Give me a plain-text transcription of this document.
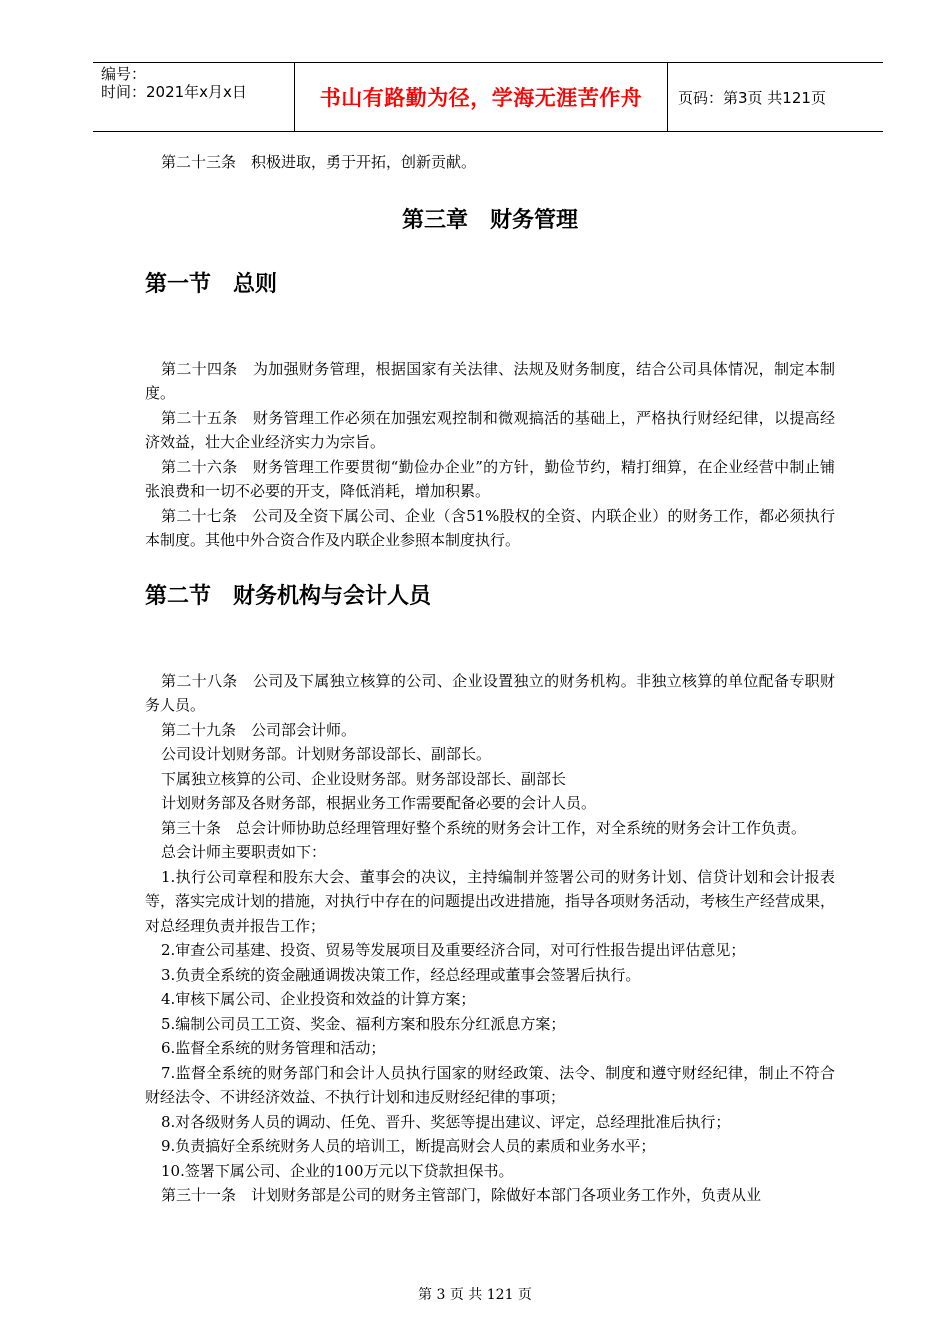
编号：
时间：2021年x月x日	书山有路勤为径，学海无涯苦作舟	页码：第3页 共121页

第二十三条　积极进取，勇于开拓，创新贡献。

第三章　财务管理
第一节　总则

第二十四条　为加强财务管理，根据国家有关法律、法规及财务制度，结合公司具体情况，制定本制度。

第二十五条　财务管理工作必须在加强宏观控制和微观搞活的基础上，严格执行财经纪律，以提高经济效益，壮大企业经济实力为宗旨。

第二十六条　财务管理工作要贯彻“勤俭办企业”的方针，勤俭节约，精打细算，在企业经营中制止铺张浪费和一切不必要的开支，降低消耗，增加积累。

第二十七条　公司及全资下属公司、企业（含51%股权的全资、内联企业）的财务工作，都必须执行本制度。其他中外合资合作及内联企业参照本制度执行。

第二节　财务机构与会计人员

第二十八条　公司及下属独立核算的公司、企业设置独立的财务机构。非独立核算的单位配备专职财务人员。

第二十九条　公司部会计师。

公司设计划财务部。计划财务部设部长、副部长。

下属独立核算的公司、企业设财务部。财务部设部长、副部长

计划财务部及各财务部，根据业务工作需要配备必要的会计人员。

第三十条　总会计师协助总经理管理好整个系统的财务会计工作，对全系统的财务会计工作负责。

总会计师主要职责如下：

1.执行公司章程和股东大会、董事会的决议，主持编制并签署公司的财务计划、信贷计划和会计报表等，落实完成计划的措施，对执行中存在的问题提出改进措施，指导各项财务活动，考核生产经营成果，对总经理负责并报告工作；

2.审查公司基建、投资、贸易等发展项目及重要经济合同，对可行性报告提出评估意见；

3.负责全系统的资金融通调拨决策工作，经总经理或董事会签署后执行。

4.审核下属公司、企业投资和效益的计算方案；

5.编制公司员工工资、奖金、福利方案和股东分红派息方案；

6.监督全系统的财务管理和活动；

7.监督全系统的财务部门和会计人员执行国家的财经政策、法令、制度和遵守财经纪律，制止不符合财经法令、不讲经济效益、不执行计划和违反财经纪律的事项；

8.对各级财务人员的调动、任免、晋升、奖惩等提出建议、评定，总经理批准后执行；

9.负责搞好全系统财务人员的培训工，断提高财会人员的素质和业务水平；

10.签署下属公司、企业的100万元以下贷款担保书。

第三十一条　计划财务部是公司的财务主管部门，除做好本部门各项业务工作外，负责从业

第 3 页 共 121 页
